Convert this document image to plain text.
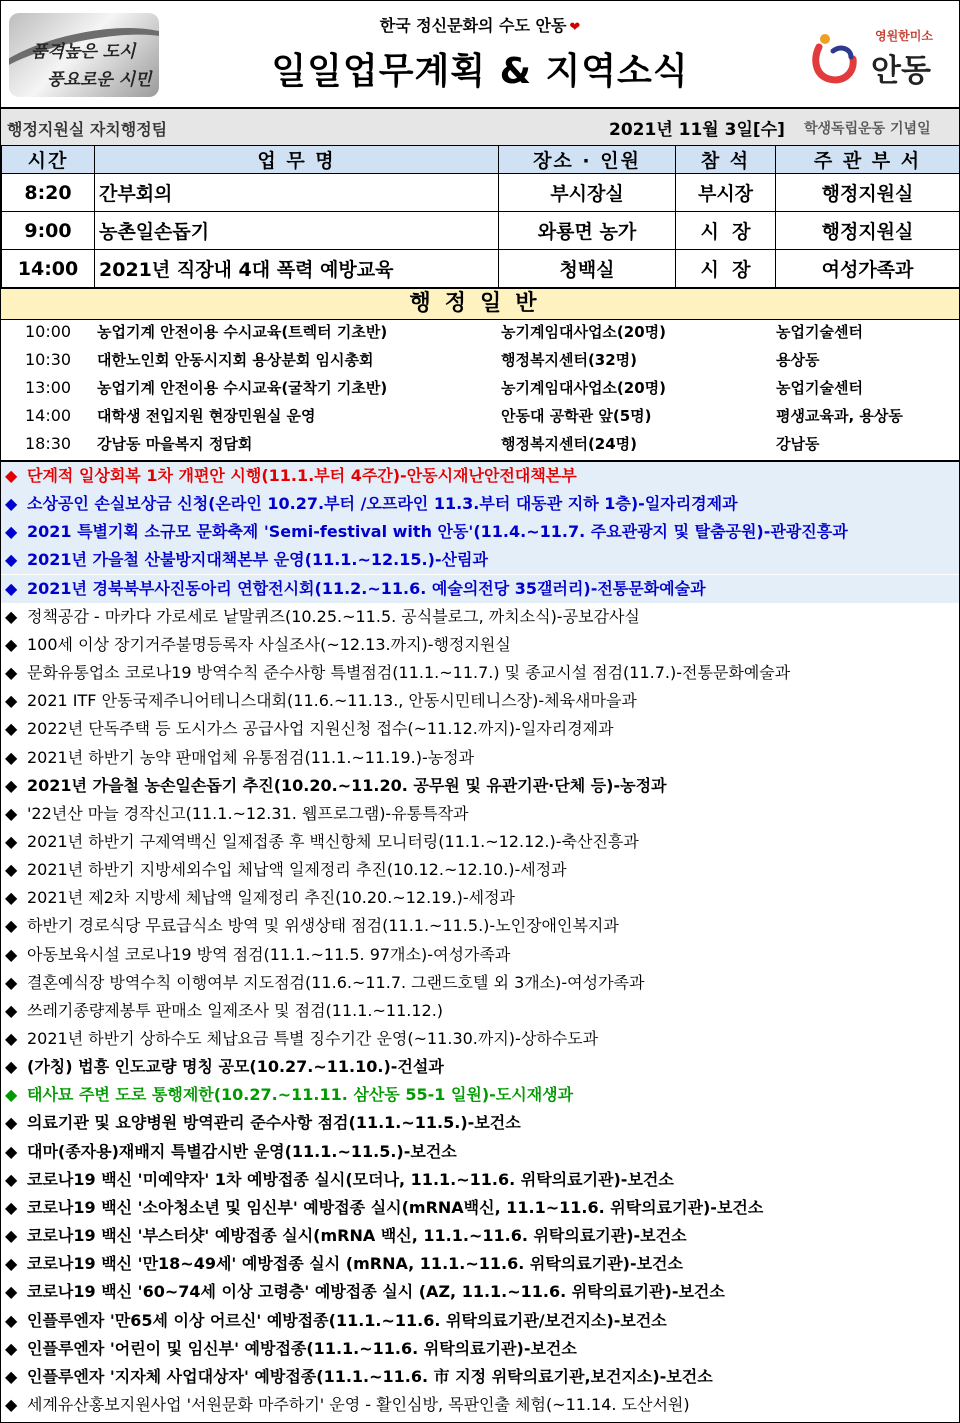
품격높은 도시
풍요로운 시민
한국 정신문화의 수도 안동 ❤
일일업무계획 & 지역소식
영원한미소
안동
행정지원실 자치행정팀	2021년 11월 3일[수] 학생독립운동 기념일
시간	업 무 명	장소 · 인원	참 석	주 관 부 서
8:20	간부회의	부시장실	부시장	행정지원실
9:00	농촌일손돕기	와룡면 농가	시  장	행정지원실
14:00	2021년 직장내 4대 폭력 예방교육	청백실	시  장	여성가족과
행정일반
10:00 농업기계 안전이용 수시교육(트렉터 기초반)	농기계임대사업소(20명)	농업기술센터
10:30 대한노인회 안동시지회 용상분회 임시총회	행정복지센터(32명)	용상동
13:00 농업기계 안전이용 수시교육(굴착기 기초반)	농기계임대사업소(20명)	농업기술센터
14:00 대학생 전입지원 현장민원실 운영	안동대 공학관 앞(5명)	평생교육과, 용상동
18:30 강남동 마을복지 정담회	행정복지센터(24명)	강남동
◆ 단계적 일상회복 1차 개편안 시행(11.1.부터 4주간)-안동시재난안전대책본부
◆ 소상공인 손실보상금 신청(온라인 10.27.부터 /오프라인 11.3.부터 대동관 지하 1층)-일자리경제과
◆ 2021 특별기획 소규모 문화축제 'Semi-festival with 안동'(11.4.~11.7. 주요관광지 및 탈춤공원)-관광진흥과
◆ 2021년 가을철 산불방지대책본부 운영(11.1.~12.15.)-산림과
◆ 2021년 경북북부사진동아리 연합전시회(11.2.~11.6. 예술의전당 35갤러리)-전통문화예술과
◆ 정책공감 - 마카다 가로세로 낱말퀴즈(10.25.~11.5. 공식블로그, 까치소식)-공보감사실
◆ 100세 이상 장기거주불명등록자 사실조사(~12.13.까지)-행정지원실
◆ 문화유통업소 코로나19 방역수칙 준수사항 특별점검(11.1.~11.7.) 및 종교시설 점검(11.7.)-전통문화예술과
◆ 2021 ITF 안동국제주니어테니스대회(11.6.~11.13., 안동시민테니스장)-체육새마을과
◆ 2022년 단독주택 등 도시가스 공급사업 지원신청 접수(~11.12.까지)-일자리경제과
◆ 2021년 하반기 농약 판매업체 유통점검(11.1.~11.19.)-농정과
◆ 2021년 가을철 농손일손돕기 추진(10.20.~11.20. 공무원 및 유관기관·단체 등)-농정과
◆ '22년산 마늘 경작신고(11.1.~12.31. 웹프로그램)-유통특작과
◆ 2021년 하반기 구제역백신 일제접종 후 백신항체 모니터링(11.1.~12.12.)-축산진흥과
◆ 2021년 하반기 지방세외수입 체납액 일제정리 추진(10.12.~12.10.)-세정과
◆ 2021년 제2차 지방세 체납액 일제정리 추진(10.20.~12.19.)-세정과
◆ 하반기 경로식당 무료급식소 방역 및 위생상태 점검(11.1.~11.5.)-노인장애인복지과
◆ 아동보육시설 코로나19 방역 점검(11.1.~11.5. 97개소)-여성가족과
◆ 결혼예식장 방역수칙 이행여부 지도점검(11.6.~11.7. 그랜드호텔 외 3개소)-여성가족과
◆ 쓰레기종량제봉투 판매소 일제조사 및 점검(11.1.~11.12.)
◆ 2021년 하반기 상하수도 체납요금 특별 징수기간 운영(~11.30.까지)-상하수도과
◆ (가칭) 법흥 인도교량 명칭 공모(10.27.~11.10.)-건설과
◆ 태사묘 주변 도로 통행제한(10.27.~11.11. 삼산동 55-1 일원)-도시재생과
◆ 의료기관 및 요양병원 방역관리 준수사항 점검(11.1.~11.5.)-보건소
◆ 대마(종자용)재배지 특별감시반 운영(11.1.~11.5.)-보건소
◆ 코로나19 백신 '미예약자' 1차 예방접종 실시(모더나, 11.1.~11.6. 위탁의료기관)-보건소
◆ 코로나19 백신 '소아청소년 및 임신부' 예방접종 실시(mRNA백신, 11.1~11.6. 위탁의료기관)-보건소
◆ 코로나19 백신 '부스터샷' 예방접종 실시(mRNA 백신, 11.1.~11.6. 위탁의료기관)-보건소
◆ 코로나19 백신 '만18~49세' 예방접종 실시 (mRNA, 11.1.~11.6. 위탁의료기관)-보건소
◆ 코로나19 백신 '60~74세 이상 고령층' 예방접종 실시 (AZ, 11.1.~11.6. 위탁의료기관)-보건소
◆ 인플루엔자 '만65세 이상 어르신' 예방접종(11.1.~11.6. 위탁의료기관/보건지소)-보건소
◆ 인플루엔자 '어린이 및 임신부' 예방접종(11.1.~11.6. 위탁의료기관)-보건소
◆ 인플루엔자 '지자체 사업대상자' 예방접종(11.1.~11.6. 市 지정 위탁의료기관,보건지소)-보건소
◆ 세계유산홍보지원사업 '서원문화 마주하기' 운영 - 활인심방, 목판인출 체험(~11.14. 도산서원)
